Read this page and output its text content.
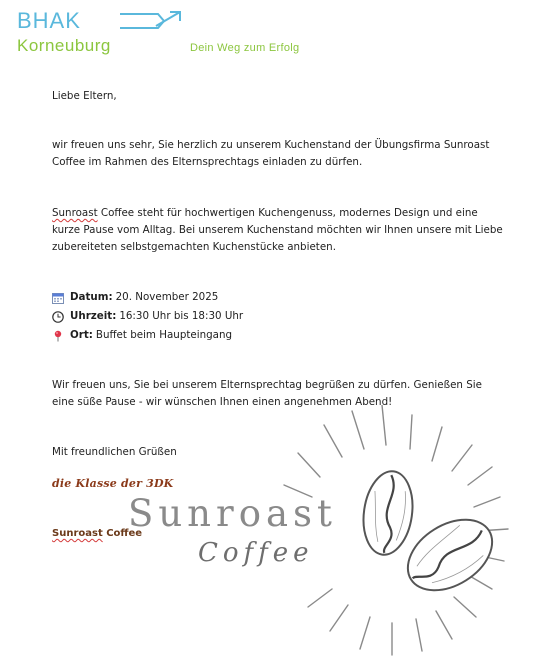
BHAK
Korneuburg	Dein Weg zum Erfolg
Liebe Eltern,
wir freuen uns sehr, Sie herzlich zu unserem Kuchenstand der Übungsfirma Sunroast Coffee im Rahmen des Elternsprechtags einladen zu dürfen.
Sunroast Coffee steht für hochwertigen Kuchengenuss, modernes Design und eine kurze Pause vom Alltag. Bei unserem Kuchenstand möchten wir Ihnen unsere mit Liebe zubereiteten selbstgemachten Kuchenstücke anbieten.
Datum: 20. November 2025
Uhrzeit: 16:30 Uhr bis 18:30 Uhr
Ort: Buffet beim Haupteingang
Wir freuen uns, Sie bei unserem Elternsprechtag begrüßen zu dürfen. Genießen Sie eine süße Pause - wir wünschen Ihnen einen angenehmen Abend!
Mit freundlichen Grüßen
Sunroast
Coffee
die Klasse der 3DK
Sunroast Coffee
